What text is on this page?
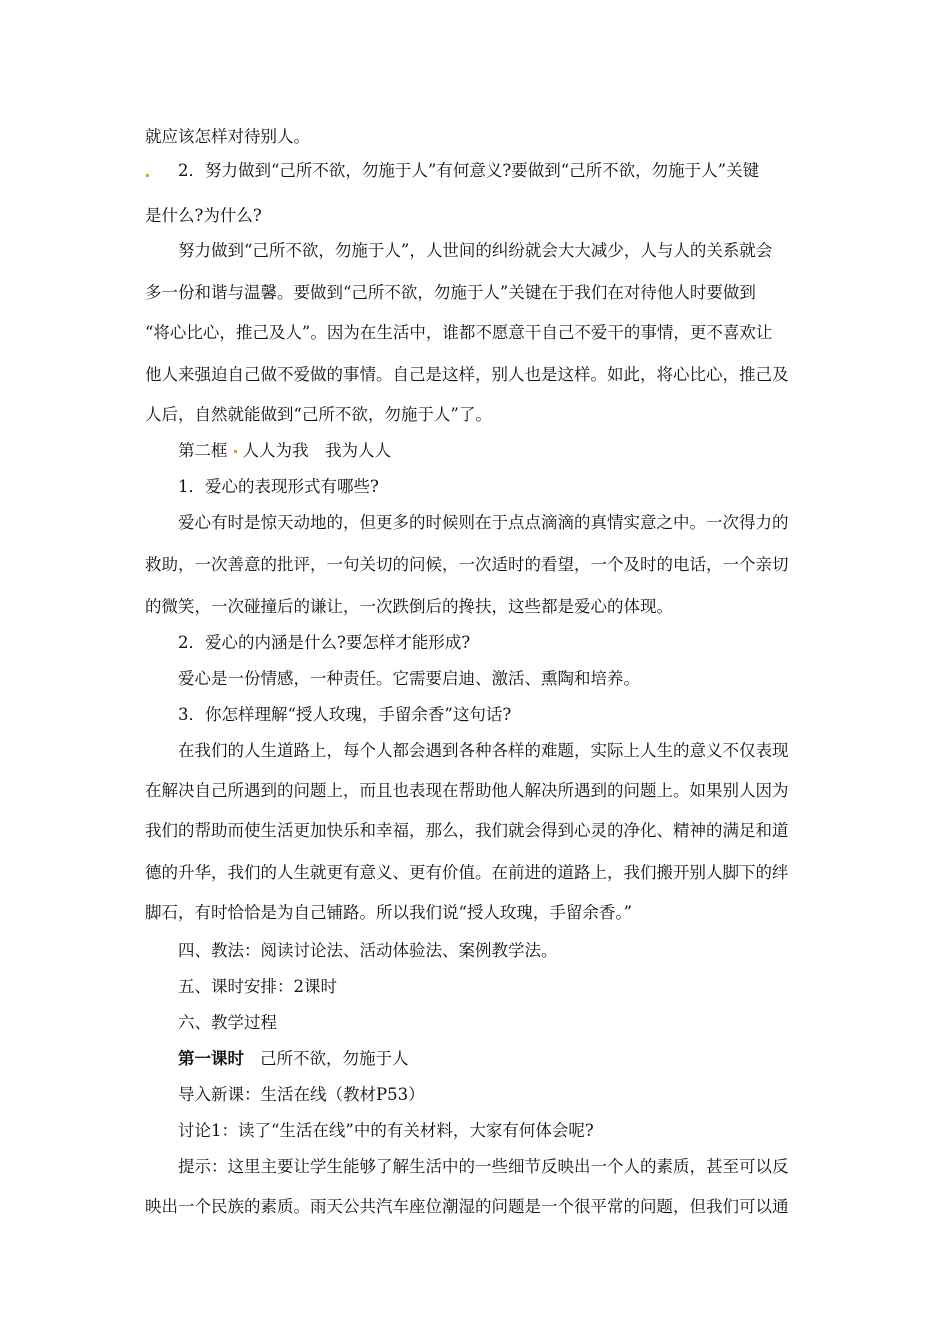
就应该怎样对待别人。
2．努力做到“己所不欲，勿施于人”有何意义?要做到“己所不欲，勿施于人”关键
是什么?为什么?
努力做到“己所不欲，勿施于人”，人世间的纠纷就会大大减少，人与人的关系就会
多一份和谐与温馨。要做到“己所不欲，勿施于人”关键在于我们在对待他人时要做到
“将心比心，推己及人”。因为在生活中，谁都不愿意干自己不爱干的事情，更不喜欢让
他人来强迫自己做不爱做的事情。自己是这样，别人也是这样。如此，将心比心，推己及
人后，自然就能做到“己所不欲，勿施于人”了。
第二框 人人为我　我为人人
1．爱心的表现形式有哪些?
爱心有时是惊天动地的，但更多的时候则在于点点滴滴的真情实意之中。一次得力的
救助，一次善意的批评，一句关切的问候，一次适时的看望，一个及时的电话，一个亲切
的微笑，一次碰撞后的谦让，一次跌倒后的搀扶，这些都是爱心的体现。
2．爱心的内涵是什么?要怎样才能形成?
爱心是一份情感，一种责任。它需要启迪、激活、熏陶和培养。
3．你怎样理解“授人玫瑰，手留余香”这句话?
在我们的人生道路上，每个人都会遇到各种各样的难题，实际上人生的意义不仅表现
在解决自己所遇到的问题上，而且也表现在帮助他人解决所遇到的问题上。如果别人因为
我们的帮助而使生活更加快乐和幸福，那么，我们就会得到心灵的净化、精神的满足和道
德的升华，我们的人生就更有意义、更有价值。在前进的道路上，我们搬开别人脚下的绊
脚石，有时恰恰是为自己铺路。所以我们说“授人玫瑰，手留余香。”
四、教法：阅读讨论法、活动体验法、案例教学法。
五、课时安排：2课时
六、教学过程
第一课时 己所不欲，勿施于人
导入新课：生活在线（教材P53）
讨论1：读了“生活在线”中的有关材料，大家有何体会呢?
提示：这里主要让学生能够了解生活中的一些细节反映出一个人的素质，甚至可以反
映出一个民族的素质。雨天公共汽车座位潮湿的问题是一个很平常的问题，但我们可以通
